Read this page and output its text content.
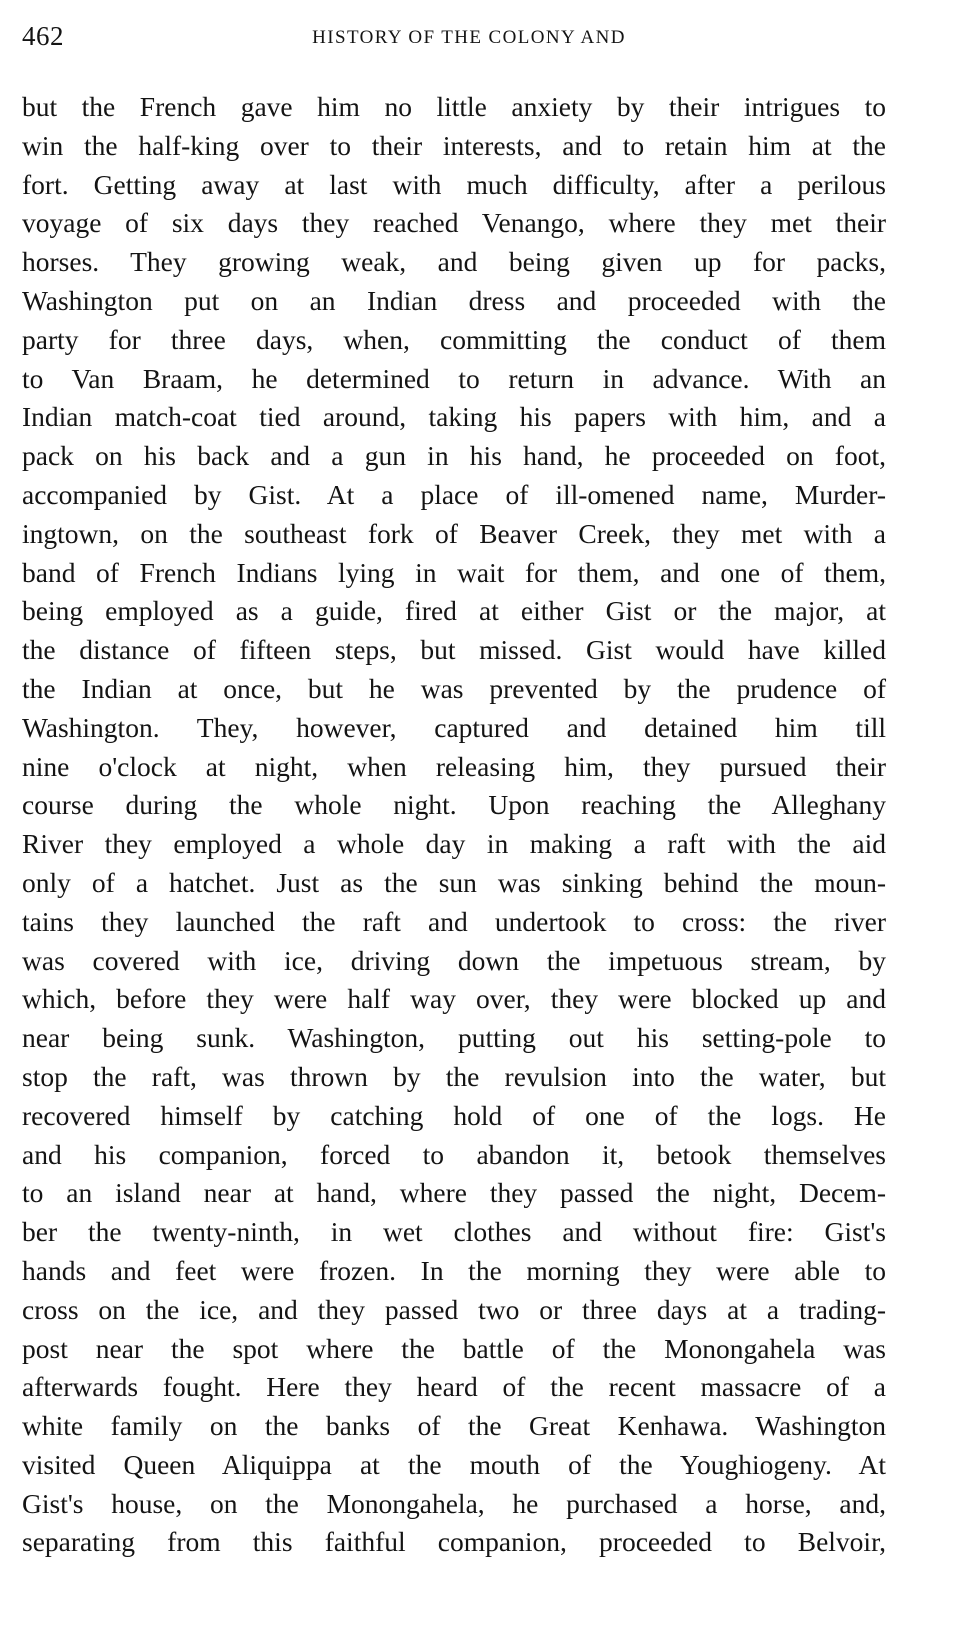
462	HISTORY OF THE COLONY AND
but the French gave him no little anxiety by their intrigues to
win the half-king over to their interests, and to retain him at the
fort. Getting away at last with much difficulty, after a perilous
voyage of six days they reached Venango, where they met their
horses. They growing weak, and being given up for packs,
Washington put on an Indian dress and proceeded with the
party for three days, when, committing the conduct of them
to Van Braam, he determined to return in advance. With an
Indian match-coat tied around, taking his papers with him, and a
pack on his back and a gun in his hand, he proceeded on foot,
accompanied by Gist. At a place of ill-omened name, Murder-
ingtown, on the southeast fork of Beaver Creek, they met with a
band of French Indians lying in wait for them, and one of them,
being employed as a guide, fired at either Gist or the major, at
the distance of fifteen steps, but missed. Gist would have killed
the Indian at once, but he was prevented by the prudence of
Washington. They, however, captured and detained him till
nine o'clock at night, when releasing him, they pursued their
course during the whole night. Upon reaching the Alleghany
River they employed a whole day in making a raft with the aid
only of a hatchet. Just as the sun was sinking behind the moun-
tains they launched the raft and undertook to cross: the river
was covered with ice, driving down the impetuous stream, by
which, before they were half way over, they were blocked up and
near being sunk. Washington, putting out his setting-pole to
stop the raft, was thrown by the revulsion into the water, but
recovered himself by catching hold of one of the logs. He
and his companion, forced to abandon it, betook themselves
to an island near at hand, where they passed the night, Decem-
ber the twenty-ninth, in wet clothes and without fire: Gist's
hands and feet were frozen. In the morning they were able to
cross on the ice, and they passed two or three days at a trading-
post near the spot where the battle of the Monongahela was
afterwards fought. Here they heard of the recent massacre of a
white family on the banks of the Great Kenhawa. Washington
visited Queen Aliquippa at the mouth of the Youghiogeny. At
Gist's house, on the Monongahela, he purchased a horse, and,
separating from this faithful companion, proceeded to Belvoir,
